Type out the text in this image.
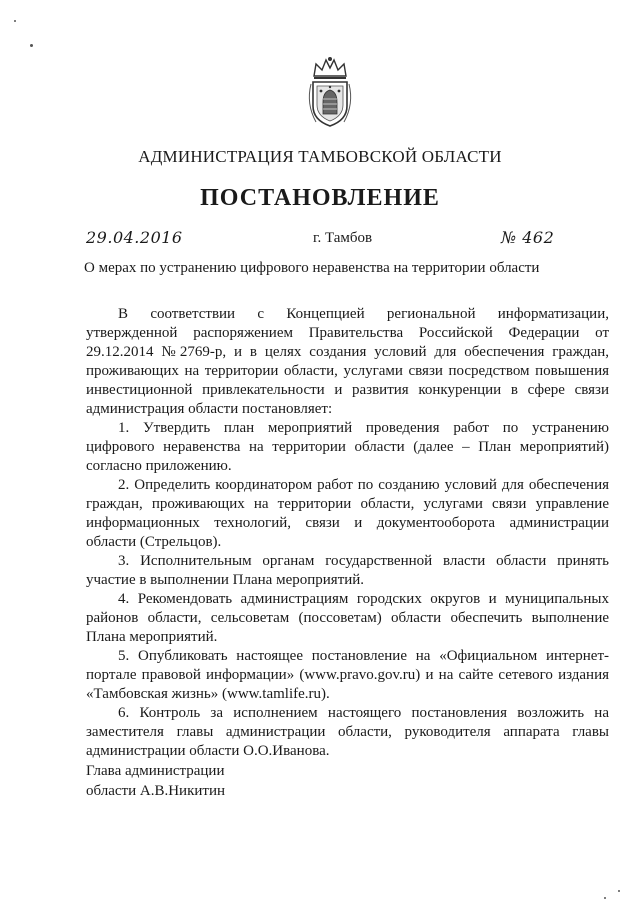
АДМИНИСТРАЦИЯ ТАМБОВСКОЙ ОБЛАСТИ
ПОСТАНОВЛЕНИЕ
29.04.2016	г. Тамбов	№ 462
О мерах по устранению цифрового неравенства на территории области

В соответствии с Концепцией региональной информатизации, утвержденной распоряжением Правительства Российской Федерации от 29.12.2014 №2769-р, и в целях создания условий для обеспечения граждан, проживающих на территории области, услугами связи посредством повышения инвестиционной привлекательности и развития конкуренции в сфере связи администрация области постановляет:

1. Утвердить план мероприятий проведения работ по устранению цифрового неравенства на территории области (далее – План мероприятий) согласно приложению.

2. Определить координатором работ по созданию условий для обеспечения граждан, проживающих на территории области, услугами связи управление информационных технологий, связи и документооборота администрации области (Стрельцов).

3. Исполнительным органам государственной власти области принять участие в выполнении Плана мероприятий.

4. Рекомендовать администрациям городских округов и муниципальных районов области, сельсоветам (поссоветам) области обеспечить выполнение Плана мероприятий.

5. Опубликовать настоящее постановление на «Официальном интернет-портале правовой информации» (www.pravo.gov.ru) и на сайте сетевого издания «Тамбовская жизнь» (www.tamlife.ru).

6. Контроль за исполнением настоящего постановления возложить на заместителя главы администрации области, руководителя аппарата главы администрации области О.О.Иванова.

Глава администрации
области А.В.Никитин
